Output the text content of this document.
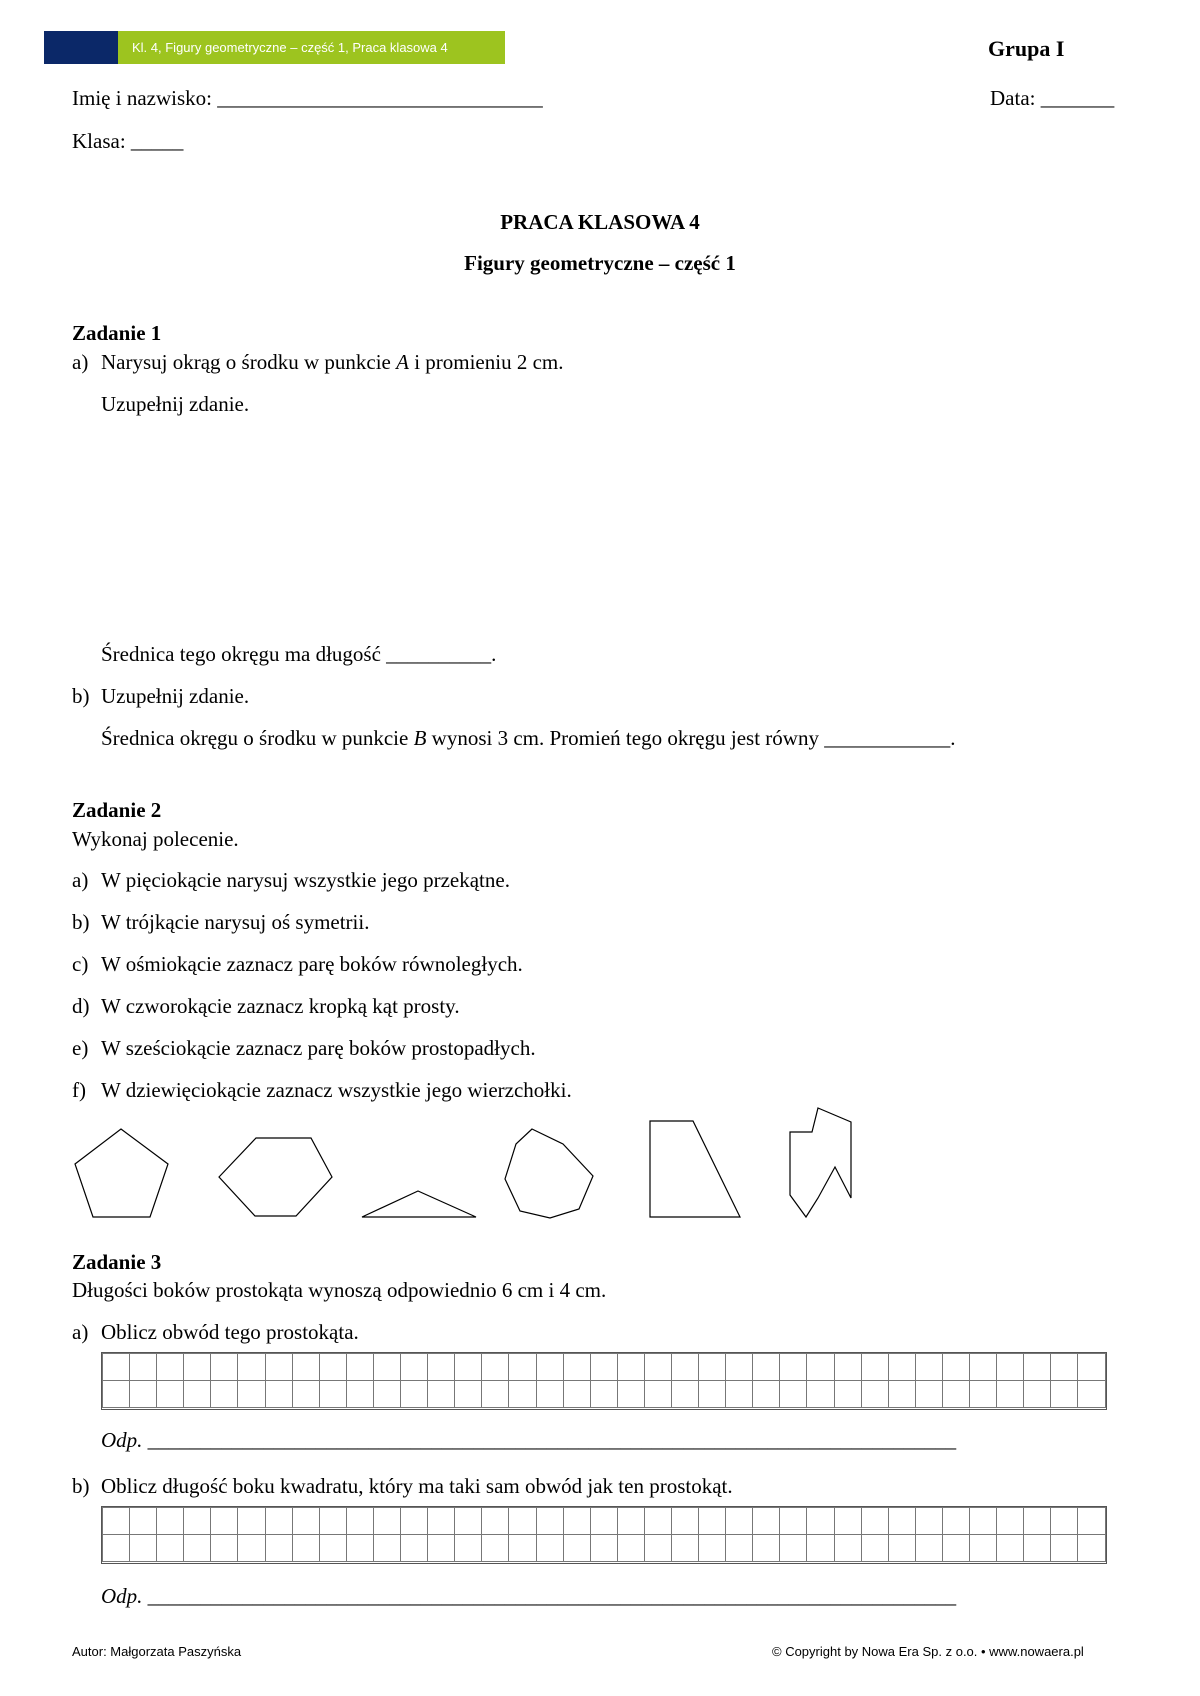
Kl. 4, Figury geometryczne – część 1, Praca klasowa 4	Grupa I
Imię i nazwisko: _______________________________	Data: _______
Klasa: _____
PRACA KLASOWA 4
Figury geometryczne – część 1
Zadanie 1
a) Narysuj okrąg o środku w punkcie A i promieniu 2 cm.
Uzupełnij zdanie.
Średnica tego okręgu ma długość __________.
b) Uzupełnij zdanie.
Średnica okręgu o środku w punkcie B wynosi 3 cm. Promień tego okręgu jest równy ____________.
Zadanie 2
Wykonaj polecenie.
a) W pięciokącie narysuj wszystkie jego przekątne.
b) W trójkącie narysuj oś symetrii.
c) W ośmiokącie zaznacz parę boków równoległych.
d) W czworokącie zaznacz kropką kąt prosty.
e) W sześciokącie zaznacz parę boków prostopadłych.
f) W dziewięciokącie zaznacz wszystkie jego wierzchołki.
Zadanie 3
Długości boków prostokąta wynoszą odpowiednio 6 cm i 4 cm.
a) Oblicz obwód tego prostokąta.

Odp. _____________________________________________________________________________
b) Oblicz długość boku kwadratu, który ma taki sam obwód jak ten prostokąt.

Odp. _____________________________________________________________________________
Autor: Małgorzata Paszyńska	© Copyright by Nowa Era Sp. z o.o. • www.nowaera.pl
